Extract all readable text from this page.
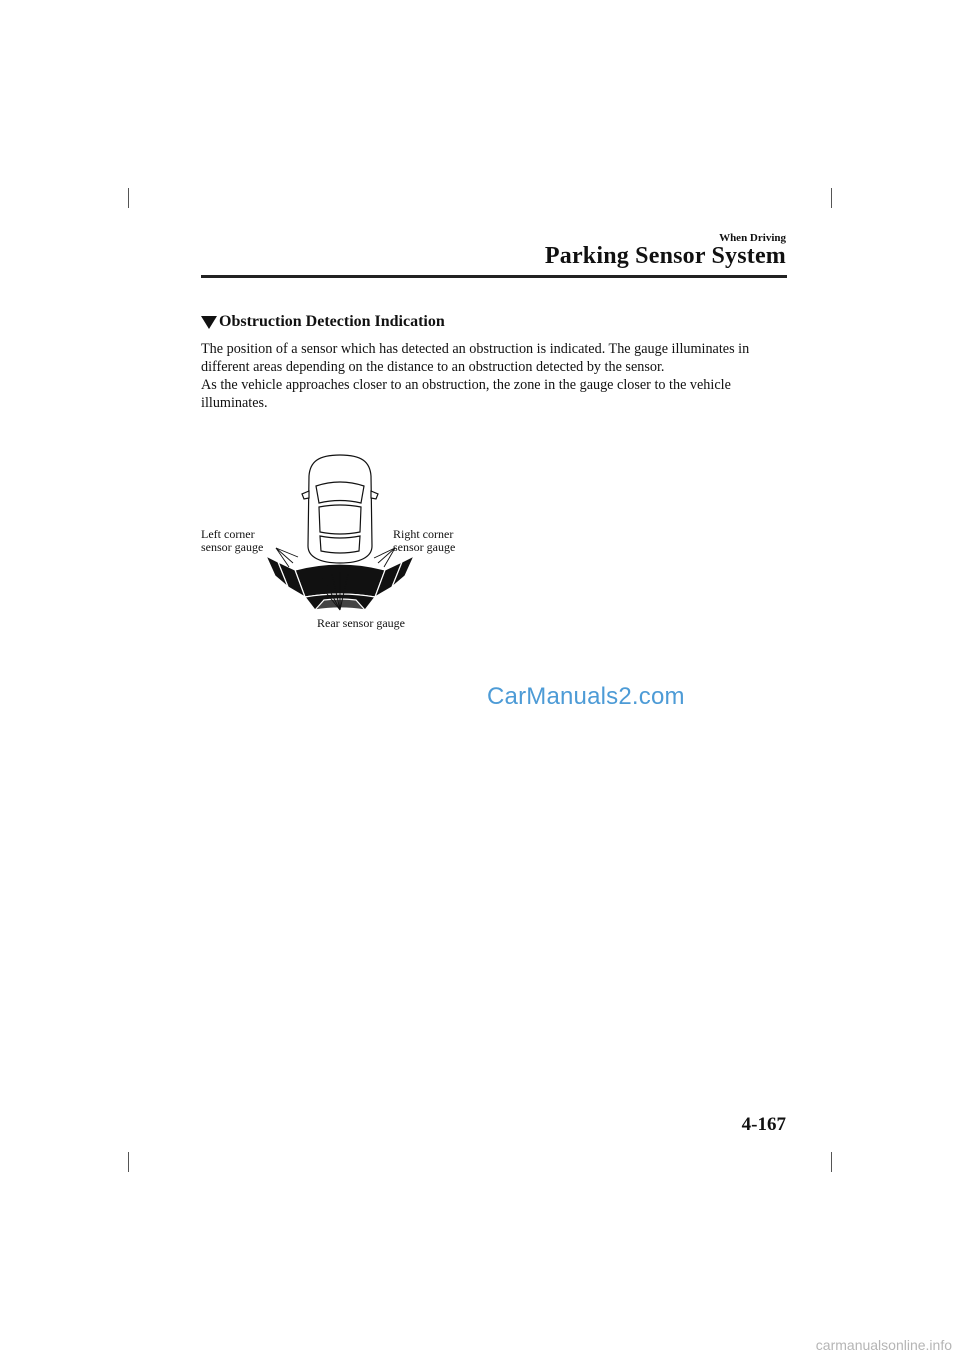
When Driving
Parking Sensor System
Obstruction Detection Indication

The position of a sensor which has detected an obstruction is indicated. The gauge illuminates in different areas depending on the distance to an obstruction detected by the sensor.

As the vehicle approaches closer to an obstruction, the zone in the gauge closer to the vehicle illuminates.

Left corner
sensor gauge
Right corner
sensor gauge
Rear sensor gauge
CarManuals2.com
4-167
carmanualsonline.info
